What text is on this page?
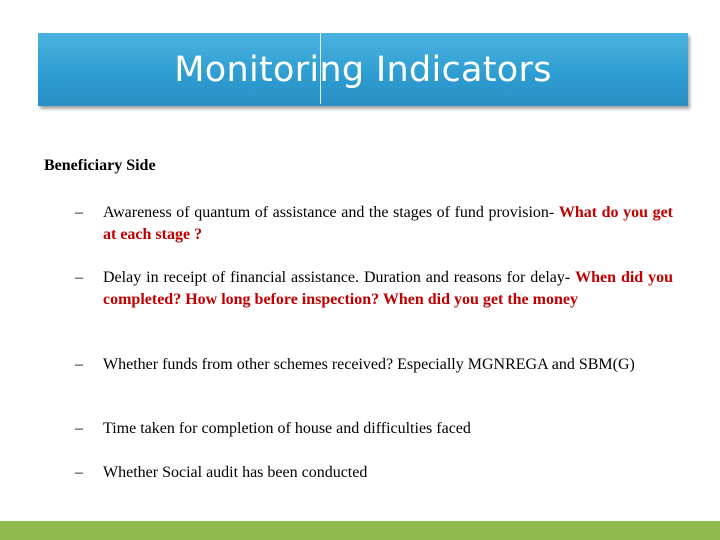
Monitoring Indicators
Beneficiary Side
–	Awareness of quantum of assistance and the stages of fund provision- What do you get at each stage ?
–	Delay in receipt of financial assistance. Duration and reasons for delay- When did you completed? How long before inspection? When did you get the money
–	Whether funds from other schemes received? Especially MGNREGA and SBM(G)
–	Time taken for completion of house and difficulties faced
–	Whether Social audit has been conducted
